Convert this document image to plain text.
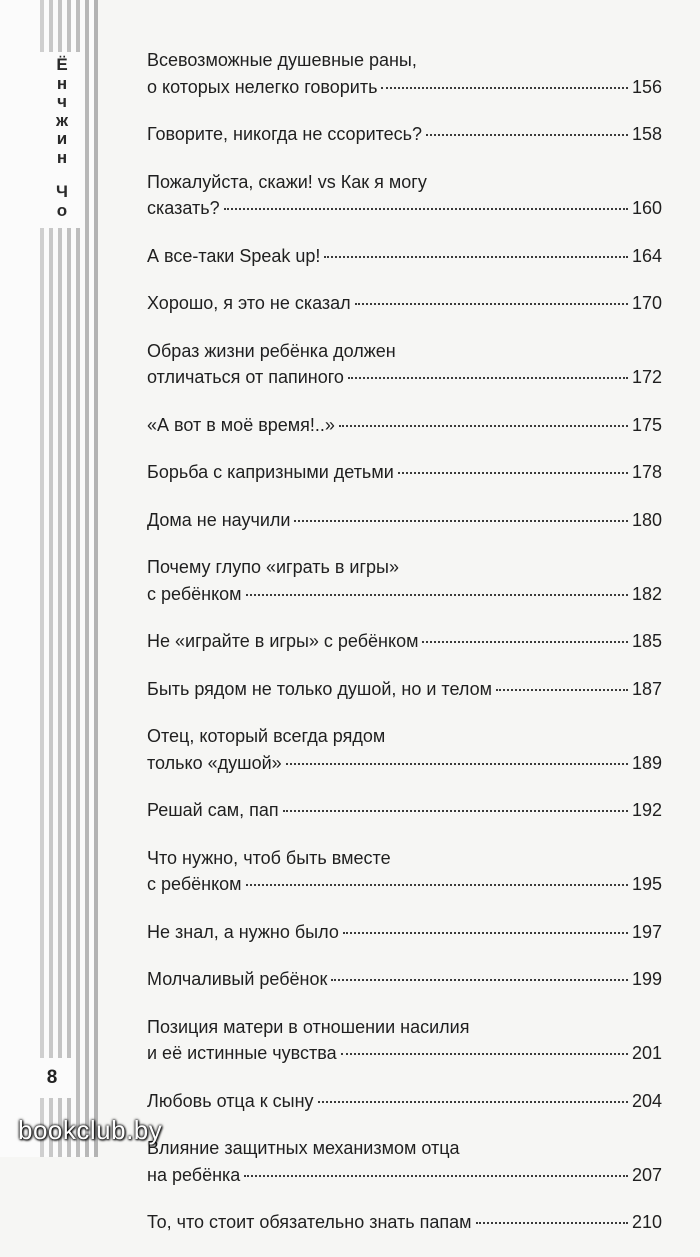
Ё
н
ч
ж
и
н
Ч
о
8
Всевозможные душевные раны,
о которых нелегко говорить	156
Говорите, никогда не ссоритесь?	158
Пожалуйста, скажи! vs Как я могу
сказать?	160
А все-таки Speak up!	164
Хорошо, я это не сказал	170
Образ жизни ребёнка должен
отличаться от папиного	172
«А вот в моё время!..»	175
Борьба с капризными детьми	178
Дома не научили	180
Почему глупо «играть в игры»
с ребёнком	182
Не «играйте в игры» с ребёнком	185
Быть рядом не только душой, но и телом	187
Отец, который всегда рядом
только «душой»	189
Решай сам, пап	192
Что нужно, чтоб быть вместе
с ребёнком	195
Не знал, а нужно было	197
Молчаливый ребёнок	199
Позиция матери в отношении насилия
и её истинные чувства	201
Любовь отца к сыну	204
Влияние защитных механизмом отца
на ребёнка	207
То, что стоит обязательно знать папам	210
bookclub.by
